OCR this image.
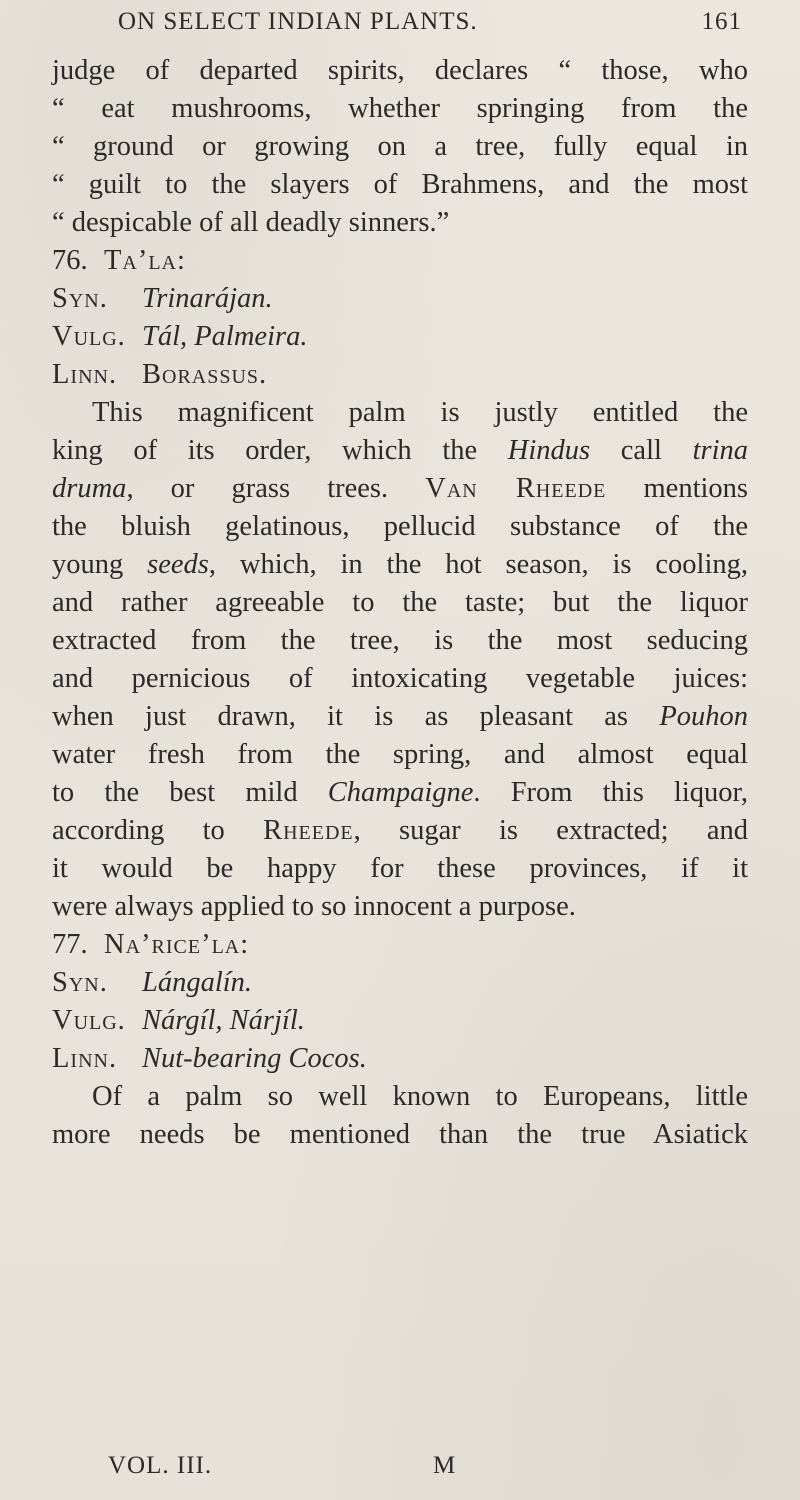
ON SELECT INDIAN PLANTS.	161
judge of departed spirits, declares “ those, who
“ eat mushrooms, whether springing from the
“ ground or growing on a tree, fully equal in
“ guilt to the slayers of Brahmens, and the most
“ despicable of all deadly sinners.”
76. Ta’la:
Syn. Trinarájan.
Vulg. Tál, Palmeira.
Linn. Borassus.
This magnificent palm is justly entitled the
king of its order, which the Hindus call trina
druma, or grass trees. Van Rheede mentions
the bluish gelatinous, pellucid substance of the
young seeds, which, in the hot season, is cooling,
and rather agreeable to the taste; but the liquor
extracted from the tree, is the most seducing
and pernicious of intoxicating vegetable juices:
when just drawn, it is as pleasant as Pouhon
water fresh from the spring, and almost equal
to the best mild Champaigne. From this liquor,
according to Rheede, sugar is extracted; and
it would be happy for these provinces, if it
were always applied to so innocent a purpose.
77. Na’rice’la:
Syn. Lángalín.
Vulg. Nárgíl, Nárjíl.
Linn. Nut-bearing Cocos.
Of a palm so well known to Europeans, little
more needs be mentioned than the true Asiatick
VOL. III.	M
